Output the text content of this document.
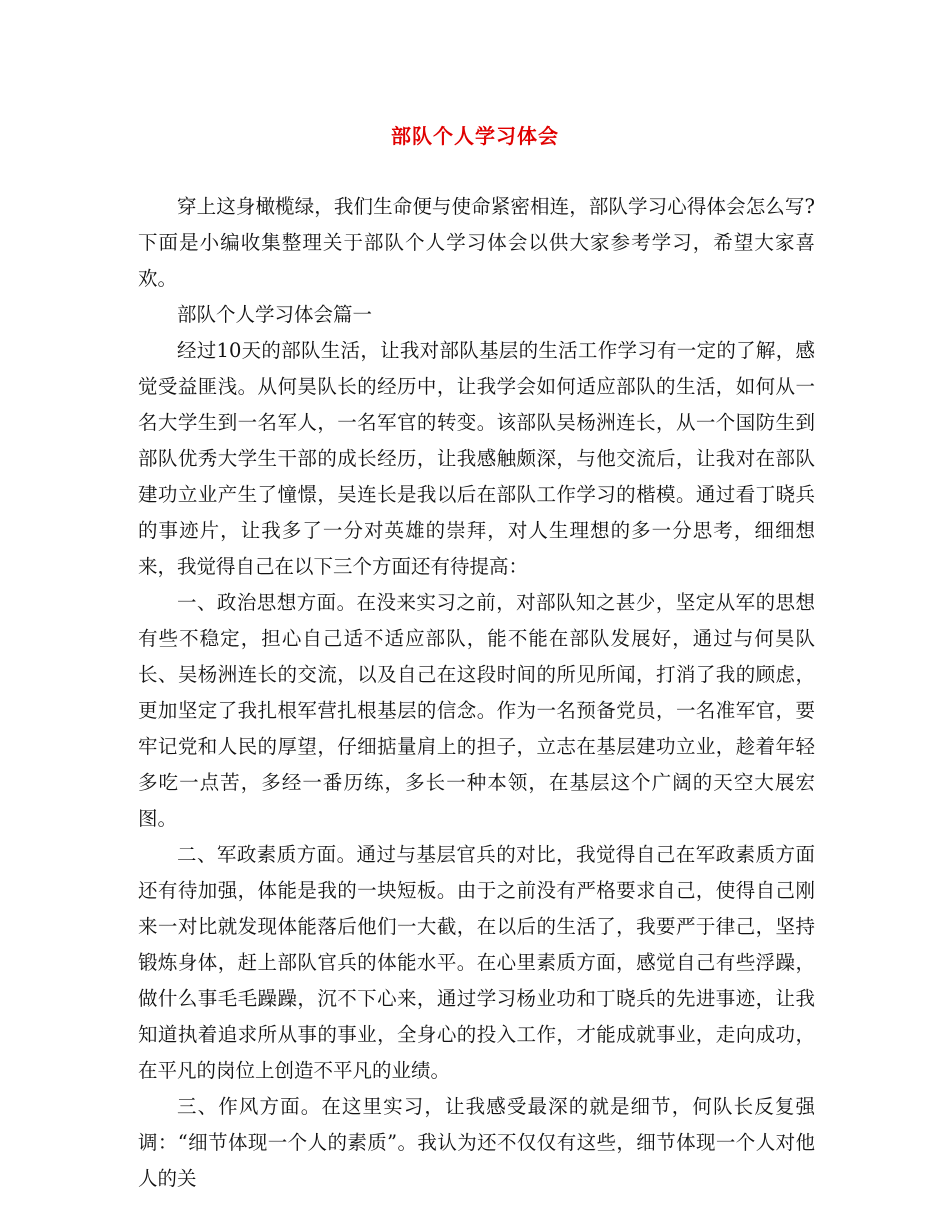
部队个人学习体会

穿上这身橄榄绿，我们生命便与使命紧密相连，部队学习心得体会怎么写?下面是小编收集整理关于部队个人学习体会以供大家参考学习，希望大家喜欢。

部队个人学习体会篇一

经过10天的部队生活，让我对部队基层的生活工作学习有一定的了解，感觉受益匪浅。从何昊队长的经历中，让我学会如何适应部队的生活，如何从一名大学生到一名军人，一名军官的转变。该部队吴杨洲连长，从一个国防生到部队优秀大学生干部的成长经历，让我感触颇深，与他交流后，让我对在部队建功立业产生了憧憬，吴连长是我以后在部队工作学习的楷模。通过看丁晓兵的事迹片，让我多了一分对英雄的崇拜，对人生理想的多一分思考，细细想来，我觉得自己在以下三个方面还有待提高：

一、政治思想方面。在没来实习之前，对部队知之甚少，坚定从军的思想有些不稳定，担心自己适不适应部队，能不能在部队发展好，通过与何昊队长、吴杨洲连长的交流，以及自己在这段时间的所见所闻，打消了我的顾虑，更加坚定了我扎根军营扎根基层的信念。作为一名预备党员，一名准军官，要牢记党和人民的厚望，仔细掂量肩上的担子，立志在基层建功立业，趁着年轻多吃一点苦，多经一番历练，多长一种本领，在基层这个广阔的天空大展宏图。

二、军政素质方面。通过与基层官兵的对比，我觉得自己在军政素质方面还有待加强，体能是我的一块短板。由于之前没有严格要求自己，使得自己刚来一对比就发现体能落后他们一大截，在以后的生活了，我要严于律己，坚持锻炼身体，赶上部队官兵的体能水平。在心里素质方面，感觉自己有些浮躁，做什么事毛毛躁躁，沉不下心来，通过学习杨业功和丁晓兵的先进事迹，让我知道执着追求所从事的事业，全身心的投入工作，才能成就事业，走向成功，在平凡的岗位上创造不平凡的业绩。

三、作风方面。在这里实习，让我感受最深的就是细节，何队长反复强调：“细节体现一个人的素质”。我认为还不仅仅有这些，细节体现一个人对他人的关
